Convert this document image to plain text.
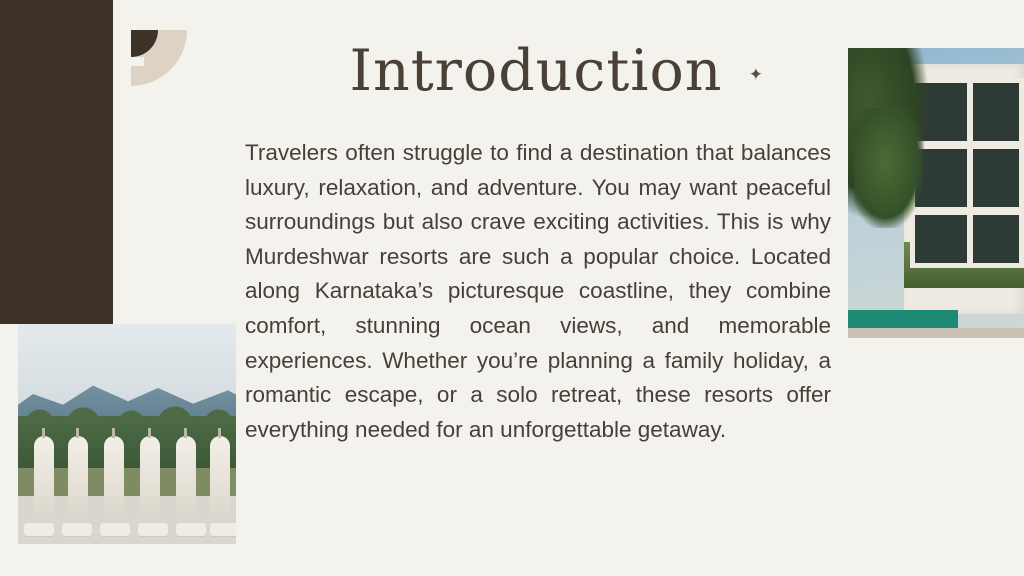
Introduction ✦
Travelers often struggle to find a destination that balances luxury, relaxation, and adventure. You may want peaceful surroundings but also crave exciting activities. This is why Murdeshwar resorts are such a popular choice. Located along Karnataka’s picturesque coastline, they combine comfort, stunning ocean views, and memorable experiences. Whether you’re planning a family holiday, a romantic escape, or a solo retreat, these resorts offer everything needed for an unforgettable getaway.
